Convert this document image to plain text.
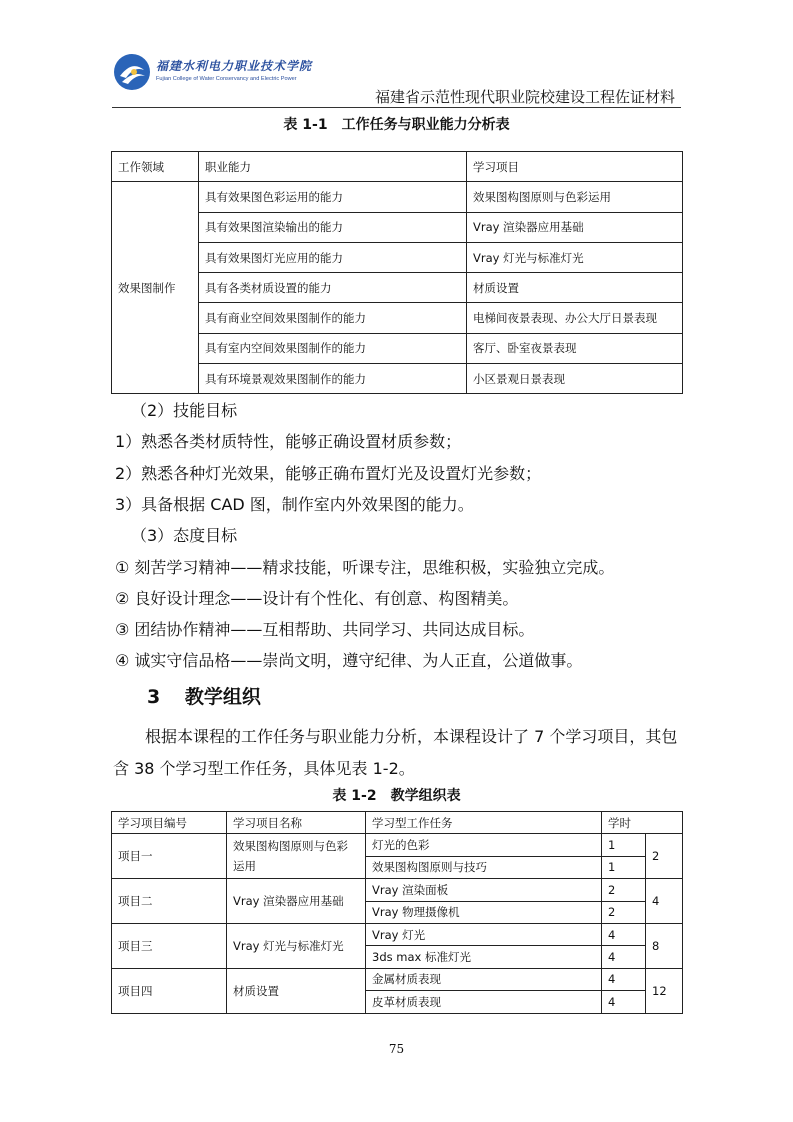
福建水利电力职业技术学院
Fujian College of Water Conservancy and Electric Power
福建省示范性现代职业院校建设工程佐证材料
表 1-1　工作任务与职业能力分析表
工作领域	职业能力	学习项目
效果图制作	具有效果图色彩运用的能力	效果图构图原则与色彩运用
	具有效果图渲染输出的能力	Vray 渲染器应用基础
	具有效果图灯光应用的能力	Vray 灯光与标准灯光
	具有各类材质设置的能力	材质设置
	具有商业空间效果图制作的能力	电梯间夜景表现、办公大厅日景表现
	具有室内空间效果图制作的能力	客厅、卧室夜景表现
	具有环境景观效果图制作的能力	小区景观日景表现
（2）技能目标
1）熟悉各类材质特性，能够正确设置材质参数；
2）熟悉各种灯光效果，能够正确布置灯光及设置灯光参数；
3）具备根据 CAD 图，制作室内外效果图的能力。
（3）态度目标
① 刻苦学习精神——精求技能，听课专注，思维积极，实验独立完成。
② 良好设计理念——设计有个性化、有创意、构图精美。
③ 团结协作精神——互相帮助、共同学习、共同达成目标。
④ 诚实守信品格——崇尚文明，遵守纪律、为人正直，公道做事。
3 教学组织
根据本课程的工作任务与职业能力分析，本课程设计了 7 个学习项目，其包含 38 个学习型工作任务，具体见表 1-2。
表 1-2　教学组织表
学习项目编号	学习项目名称	学习型工作任务	学时	
项目一	效果图构图原则与色彩运用	灯光的色彩	1	2
		效果图构图原则与技巧	1	
项目二	Vray 渲染器应用基础	Vray 渲染面板	2	4
		Vray 物理摄像机	2	
项目三	Vray 灯光与标准灯光	Vray 灯光	4	8
		3ds max 标准灯光	4	
项目四	材质设置	金属材质表现	4	12
		皮革材质表现	4	
75
